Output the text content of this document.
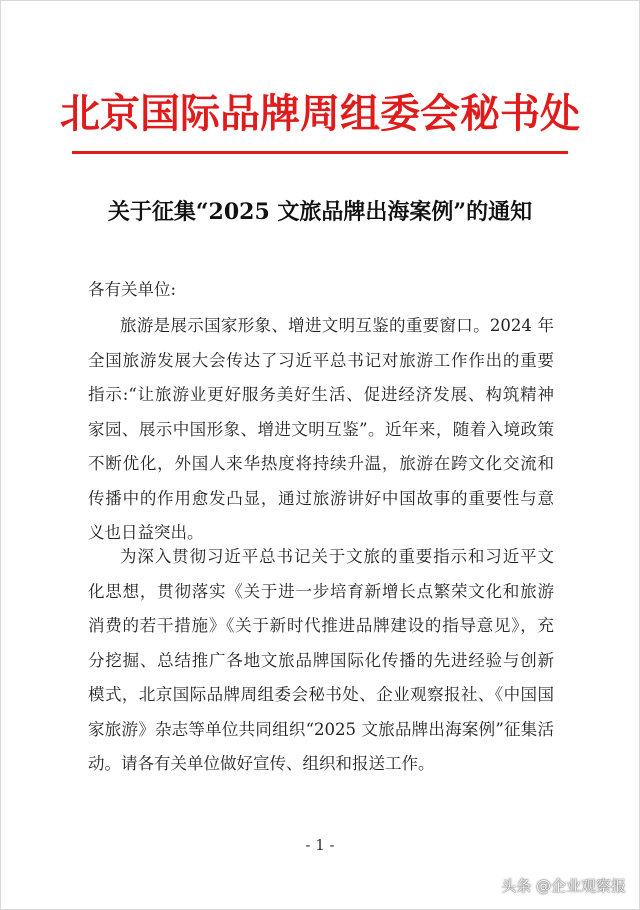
北京国际品牌周组委会秘书处
关于征集“2025 文旅品牌出海案例”的通知
各有关单位:
旅游是展示国家形象、增进文明互鉴的重要窗口。2024 年
全国旅游发展大会传达了习近平总书记对旅游工作作出的重要
指示:“让旅游业更好服务美好生活、促进经济发展、构筑精神
家园、展示中国形象、增进文明互鉴”。近年来，随着入境政策
不断优化，外国人来华热度将持续升温，旅游在跨文化交流和
传播中的作用愈发凸显，通过旅游讲好中国故事的重要性与意
义也日益突出。
为深入贯彻习近平总书记关于文旅的重要指示和习近平文
化思想，贯彻落实《关于进一步培育新增长点繁荣文化和旅游
消费的若干措施》《关于新时代推进品牌建设的指导意见》，充
分挖掘、总结推广各地文旅品牌国际化传播的先进经验与创新
模式，北京国际品牌周组委会秘书处、企业观察报社、《中国国
家旅游》杂志等单位共同组织“2025 文旅品牌出海案例”征集活
动。请各有关单位做好宣传、组织和报送工作。
- 1 -
头条 @企业观察报
